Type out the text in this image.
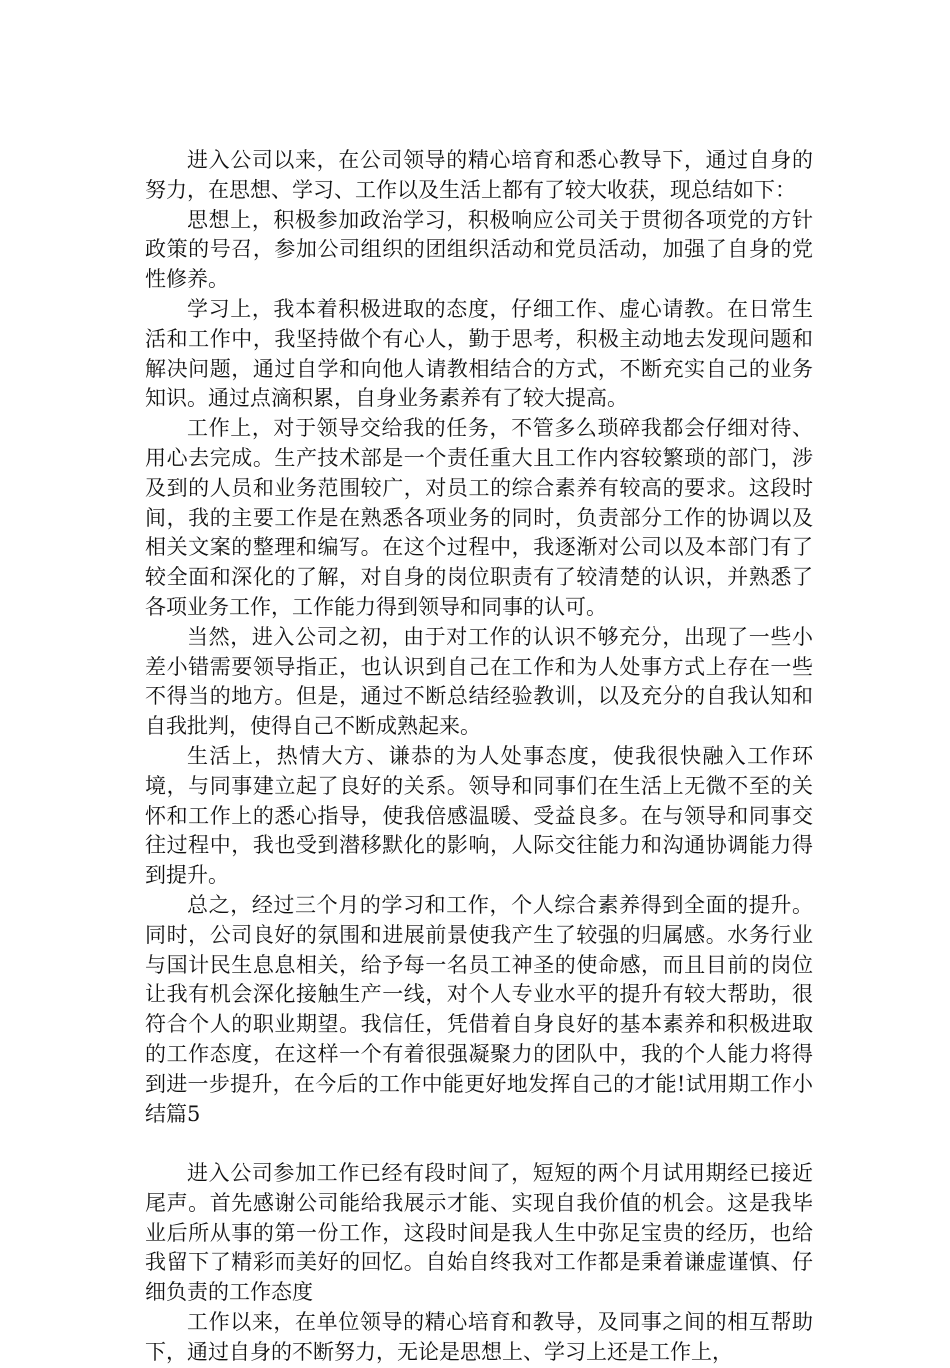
进入公司以来，在公司领导的精心培育和悉心教导下，通过自身的努力，在思想、学习、工作以及生活上都有了较大收获，现总结如下：

思想上，积极参加政治学习，积极响应公司关于贯彻各项党的方针政策的号召，参加公司组织的团组织活动和党员活动，加强了自身的党性修养。

学习上，我本着积极进取的态度，仔细工作、虚心请教。在日常生活和工作中，我坚持做个有心人，勤于思考，积极主动地去发现问题和解决问题，通过自学和向他人请教相结合的方式，不断充实自己的业务知识。通过点滴积累，自身业务素养有了较大提高。

工作上，对于领导交给我的任务，不管多么琐碎我都会仔细对待、用心去完成。生产技术部是一个责任重大且工作内容较繁琐的部门，涉及到的人员和业务范围较广，对员工的综合素养有较高的要求。这段时间，我的主要工作是在熟悉各项业务的同时，负责部分工作的协调以及相关文案的整理和编写。在这个过程中，我逐渐对公司以及本部门有了较全面和深化的了解，对自身的岗位职责有了较清楚的认识，并熟悉了各项业务工作，工作能力得到领导和同事的认可。

当然，进入公司之初，由于对工作的认识不够充分，出现了一些小差小错需要领导指正，也认识到自己在工作和为人处事方式上存在一些不得当的地方。但是，通过不断总结经验教训，以及充分的自我认知和自我批判，使得自己不断成熟起来。

生活上，热情大方、谦恭的为人处事态度，使我很快融入工作环境，与同事建立起了良好的关系。领导和同事们在生活上无微不至的关怀和工作上的悉心指导，使我倍感温暖、受益良多。在与领导和同事交往过程中，我也受到潜移默化的影响，人际交往能力和沟通协调能力得到提升。

总之，经过三个月的学习和工作，个人综合素养得到全面的提升。同时，公司良好的氛围和进展前景使我产生了较强的归属感。水务行业与国计民生息息相关，给予每一名员工神圣的使命感，而且目前的岗位让我有机会深化接触生产一线，对个人专业水平的提升有较大帮助，很符合个人的职业期望。我信任，凭借着自身良好的基本素养和积极进取的工作态度，在这样一个有着很强凝聚力的团队中，我的个人能力将得到进一步提升，在今后的工作中能更好地发挥自己的才能!试用期工作小结篇5

进入公司参加工作已经有段时间了，短短的两个月试用期经已接近尾声。首先感谢公司能给我展示才能、实现自我价值的机会。这是我毕业后所从事的第一份工作，这段时间是我人生中弥足宝贵的经历，也给我留下了精彩而美好的回忆。自始自终我对工作都是秉着谦虚谨慎、仔细负责的工作态度

工作以来，在单位领导的精心培育和教导，及同事之间的相互帮助下，通过自身的不断努力，无论是思想上、学习上还是工作上，
